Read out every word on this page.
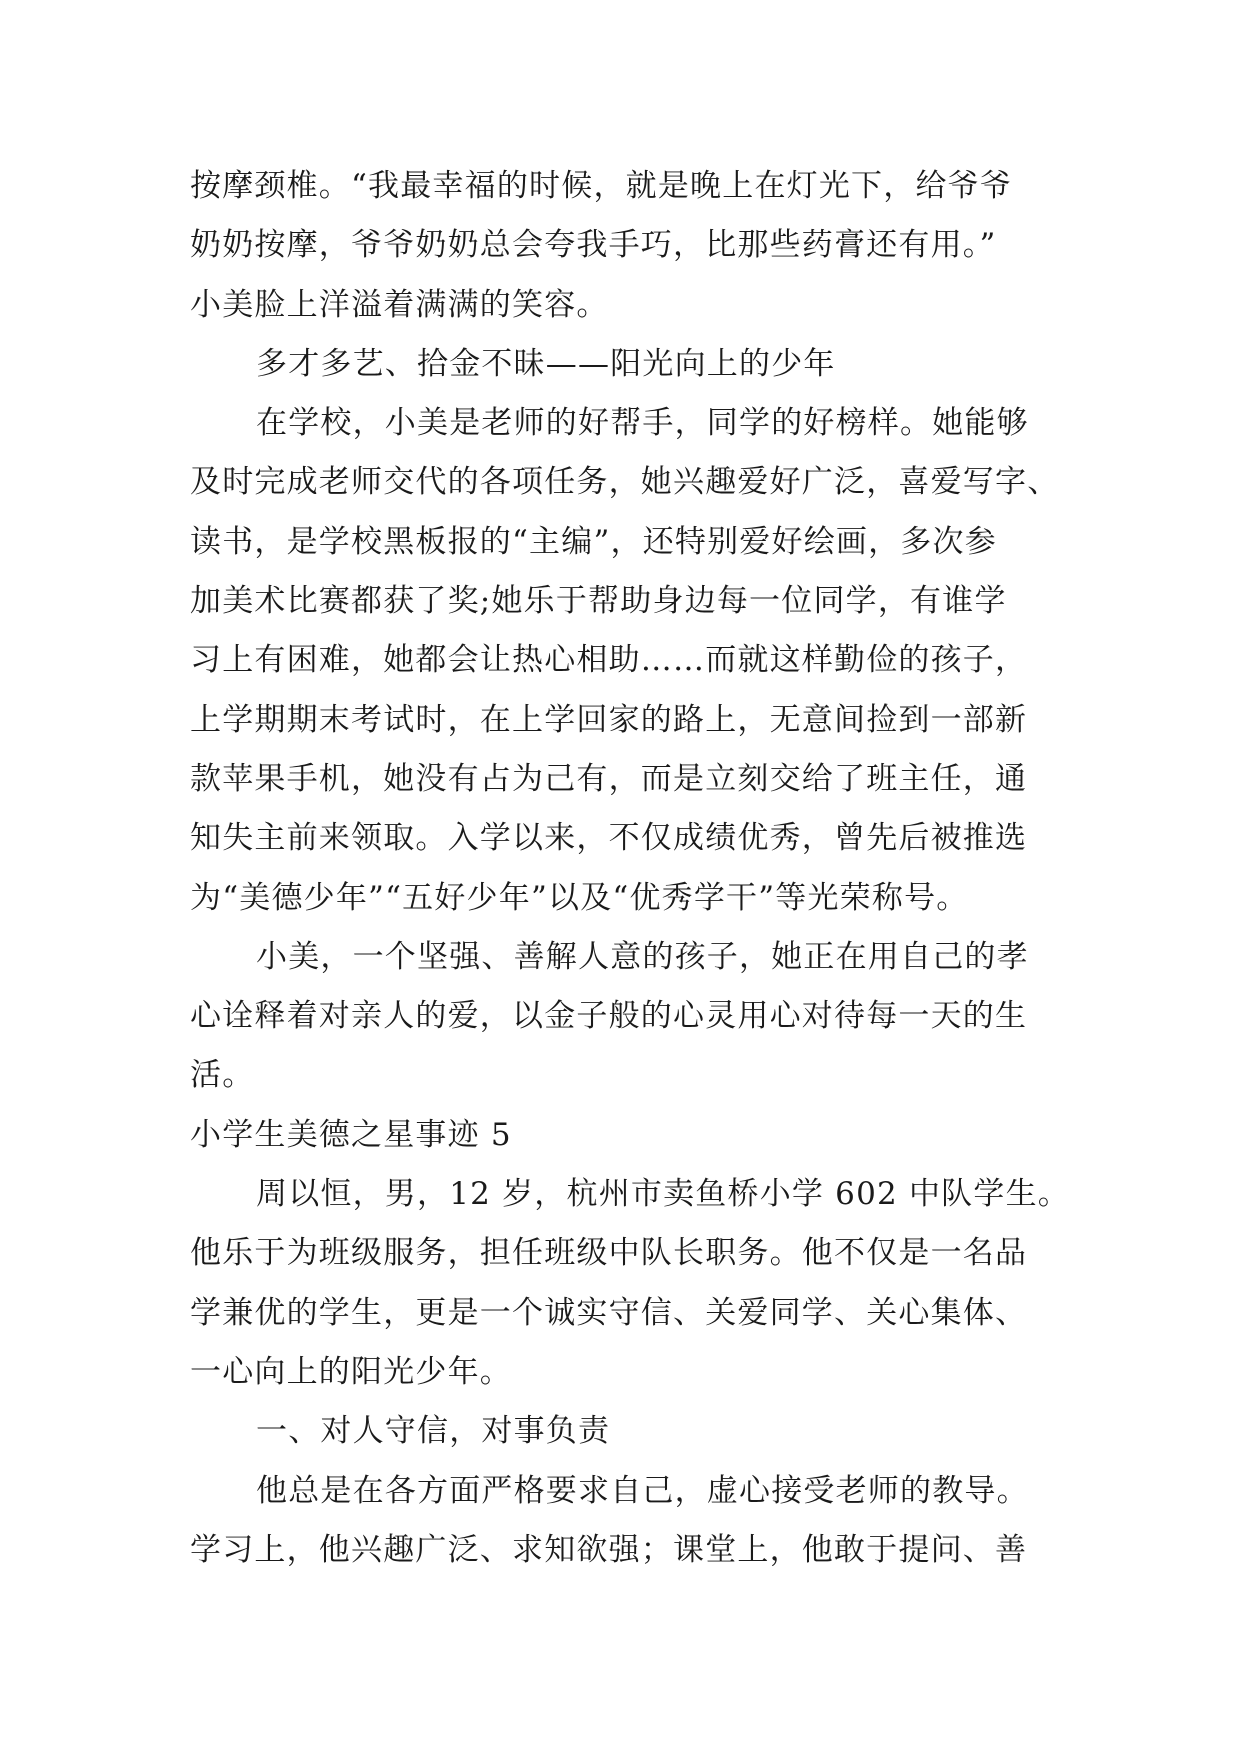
按摩颈椎。“我最幸福的时候，就是晚上在灯光下，给爷爷
奶奶按摩，爷爷奶奶总会夸我手巧，比那些药膏还有用。”
小美脸上洋溢着满满的笑容。
多才多艺、拾金不昧——阳光向上的少年
在学校，小美是老师的好帮手，同学的好榜样。她能够
及时完成老师交代的各项任务，她兴趣爱好广泛，喜爱写字、
读书，是学校黑板报的“主编”，还特别爱好绘画，多次参
加美术比赛都获了奖;她乐于帮助身边每一位同学，有谁学
习上有困难，她都会让热心相助……而就这样勤俭的孩子，
上学期期末考试时，在上学回家的路上，无意间捡到一部新
款苹果手机，她没有占为己有，而是立刻交给了班主任，通
知失主前来领取。入学以来，不仅成绩优秀，曾先后被推选
为“美德少年”“五好少年”以及“优秀学干”等光荣称号。
小美，一个坚强、善解人意的孩子，她正在用自己的孝
心诠释着对亲人的爱，以金子般的心灵用心对待每一天的生
活。
小学生美德之星事迹 5
周以恒，男，12 岁，杭州市卖鱼桥小学 602 中队学生。
他乐于为班级服务，担任班级中队长职务。他不仅是一名品
学兼优的学生，更是一个诚实守信、关爱同学、关心集体、
一心向上的阳光少年。
一、对人守信，对事负责
他总是在各方面严格要求自己，虚心接受老师的教导。
学习上，他兴趣广泛、求知欲强；课堂上，他敢于提问、善
